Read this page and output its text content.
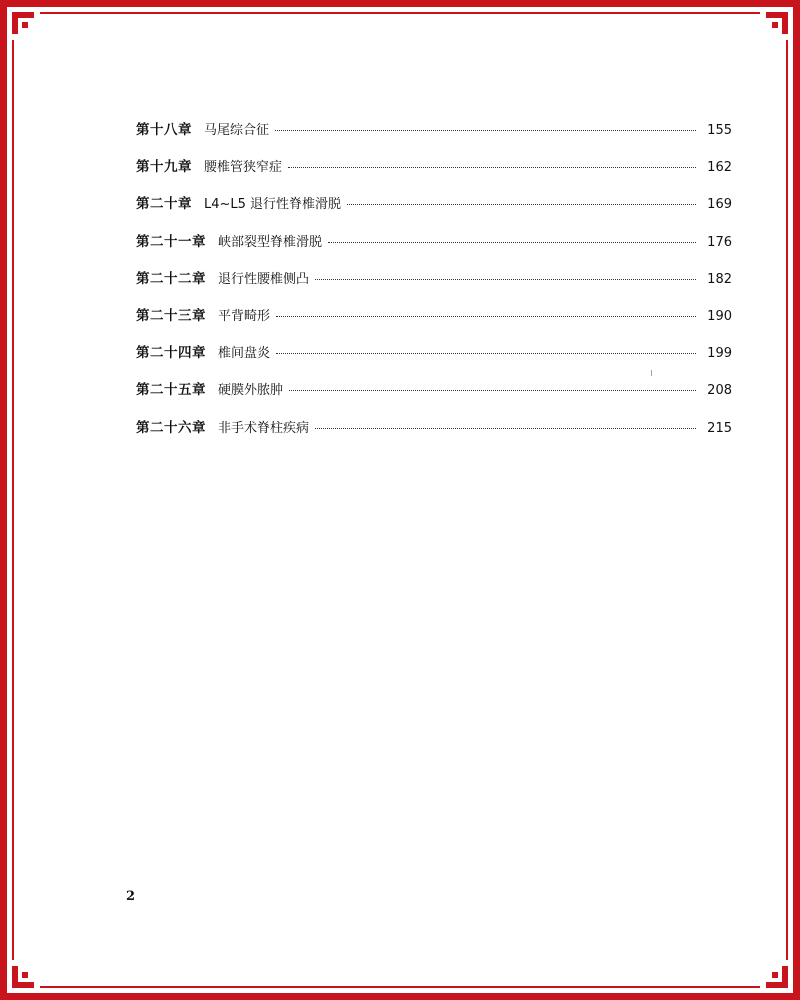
第十八章 马尾综合征	155
第十九章 腰椎管狭窄症	162
第二十章 L4~L5 退行性脊椎滑脱	169
第二十一章 峡部裂型脊椎滑脱	176
第二十二章 退行性腰椎侧凸	182
第二十三章 平背畸形	190
第二十四章 椎间盘炎	199
第二十五章 硬膜外脓肿	208
第二十六章 非手术脊柱疾病	215
2
